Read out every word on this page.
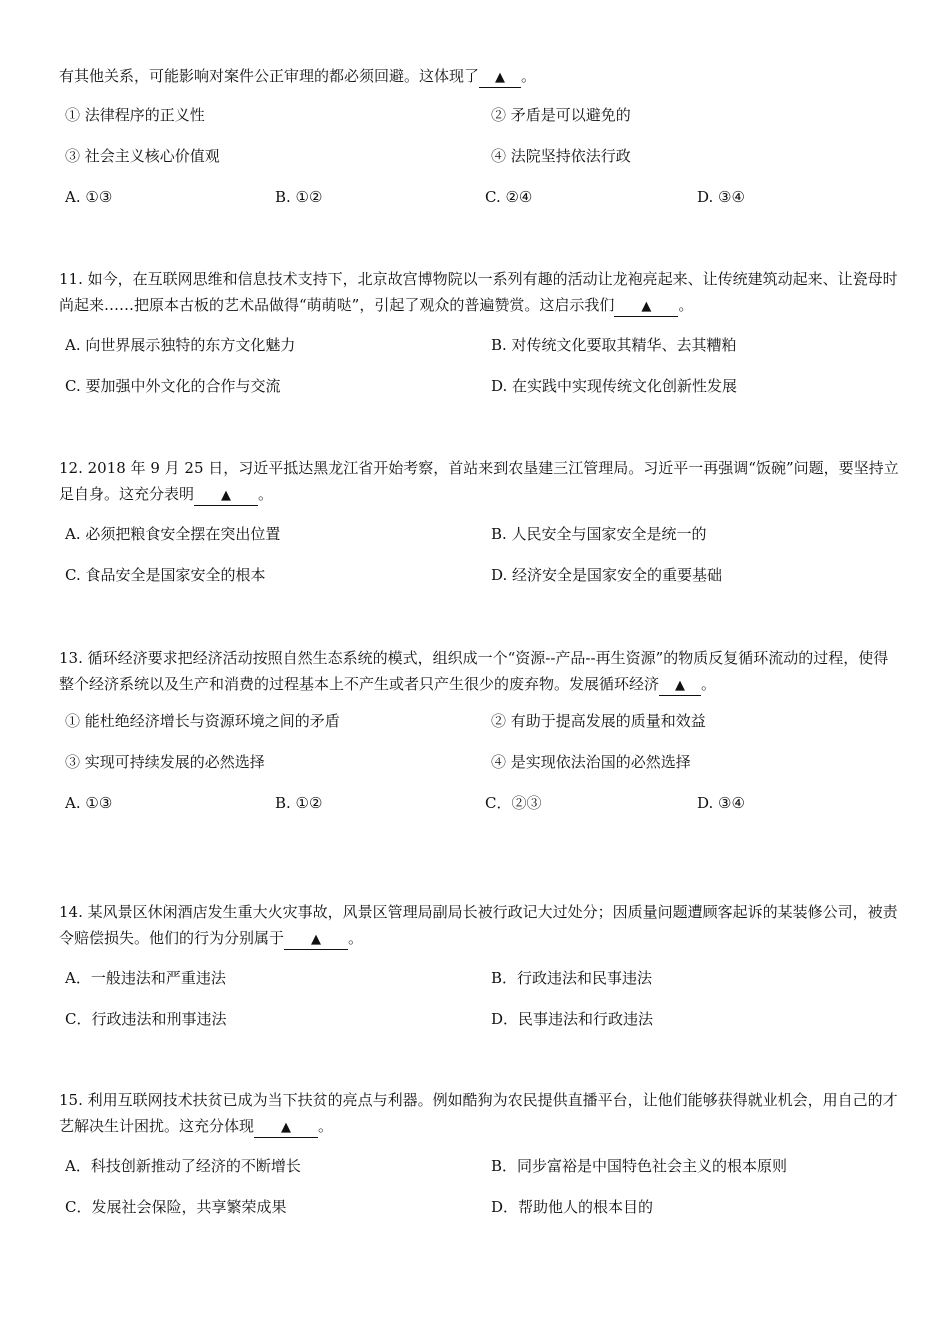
有其他关系，可能影响对案件公正审理的都必须回避。这体现了 ▲ 。

① 法律程序的正义性	② 矛盾是可以避免的
③ 社会主义核心价值观	④ 法院坚持依法行政
A. ①③	B. ①②	C. ②④	D. ③④

11. 如今，在互联网思维和信息技术支持下，北京故宫博物院以一系列有趣的活动让龙袍亮起来、让传统建筑动起来、让瓷母时尚起来……把原本古板的艺术品做得“萌萌哒”，引起了观众的普遍赞赏。这启示我们 ▲ 。

A. 向世界展示独特的东方文化魅力	B. 对传统文化要取其精华、去其糟粕
C. 要加强中外文化的合作与交流	D. 在实践中实现传统文化创新性发展

12. 2018 年 9 月 25 日，习近平抵达黑龙江省开始考察，首站来到农垦建三江管理局。习近平一再强调“饭碗”问题，要坚持立足自身。这充分表明 ▲ 。

A. 必须把粮食安全摆在突出位置	B. 人民安全与国家安全是统一的
C. 食品安全是国家安全的根本	D. 经济安全是国家安全的重要基础

13. 循环经济要求把经济活动按照自然生态系统的模式，组织成一个“资源--产品--再生资源”的物质反复循环流动的过程，使得整个经济系统以及生产和消费的过程基本上不产生或者只产生很少的废弃物。发展循环经济 ▲ 。

① 能杜绝经济增长与资源环境之间的矛盾	② 有助于提高发展的质量和效益
③ 实现可持续发展的必然选择	④ 是实现依法治国的必然选择
A. ①③	B. ①②	C．②③	D. ③④

14. 某风景区休闲酒店发生重大火灾事故，风景区管理局副局长被行政记大过处分；因质量问题遭顾客起诉的某装修公司，被责令赔偿损失。他们的行为分别属于 ▲ 。

A．一般违法和严重违法	B．行政违法和民事违法
C．行政违法和刑事违法	D．民事违法和行政违法

15. 利用互联网技术扶贫已成为当下扶贫的亮点与利器。例如酷狗为农民提供直播平台，让他们能够获得就业机会，用自己的才艺解决生计困扰。这充分体现 ▲ 。

A．科技创新推动了经济的不断增长	B．同步富裕是中国特色社会主义的根本原则
C．发展社会保险，共享繁荣成果	D．帮助他人的根本目的
